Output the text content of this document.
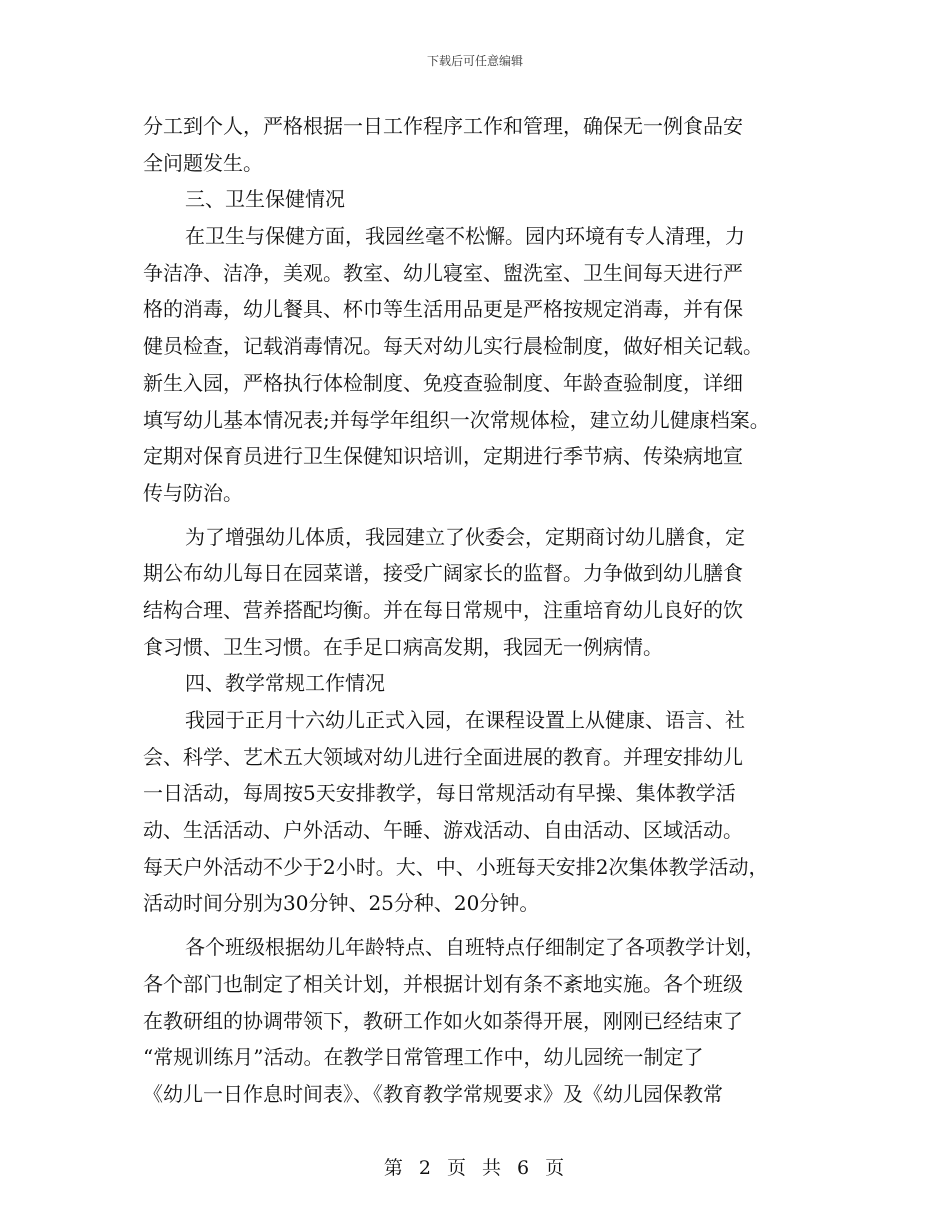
下载后可任意编辑
分工到个人，严格根据一日工作程序工作和管理，确保无一例食品安
全问题发生。
三、卫生保健情况
在卫生与保健方面，我园丝毫不松懈。园内环境有专人清理，力
争洁净、洁净，美观。教室、幼儿寝室、盥洗室、卫生间每天进行严
格的消毒，幼儿餐具、杯巾等生活用品更是严格按规定消毒，并有保
健员检查，记载消毒情况。每天对幼儿实行晨检制度，做好相关记载。
新生入园，严格执行体检制度、免疫查验制度、年龄查验制度，详细
填写幼儿基本情况表;并每学年组织一次常规体检，建立幼儿健康档案。
定期对保育员进行卫生保健知识培训，定期进行季节病、传染病地宣
传与防治。
为了增强幼儿体质，我园建立了伙委会，定期商讨幼儿膳食，定
期公布幼儿每日在园菜谱，接受广阔家长的监督。力争做到幼儿膳食
结构合理、营养搭配均衡。并在每日常规中，注重培育幼儿良好的饮
食习惯、卫生习惯。在手足口病高发期，我园无一例病情。
四、教学常规工作情况
我园于正月十六幼儿正式入园，在课程设置上从健康、语言、社
会、科学、艺术五大领域对幼儿进行全面进展的教育。并理安排幼儿
一日活动，每周按5天安排教学，每日常规活动有早操、集体教学活
动、生活活动、户外活动、午睡、游戏活动、自由活动、区域活动。
每天户外活动不少于2小时。大、中、小班每天安排2次集体教学活动，
活动时间分别为30分钟、25分种、20分钟。
各个班级根据幼儿年龄特点、自班特点仔细制定了各项教学计划，
各个部门也制定了相关计划，并根据计划有条不紊地实施。各个班级
在教研组的协调带领下，教研工作如火如荼得开展，刚刚已经结束了
“常规训练月”活动。在教学日常管理工作中，幼儿园统一制定了
《幼儿一日作息时间表》、《教育教学常规要求》及《幼儿园保教常
第 2 页 共 6 页
